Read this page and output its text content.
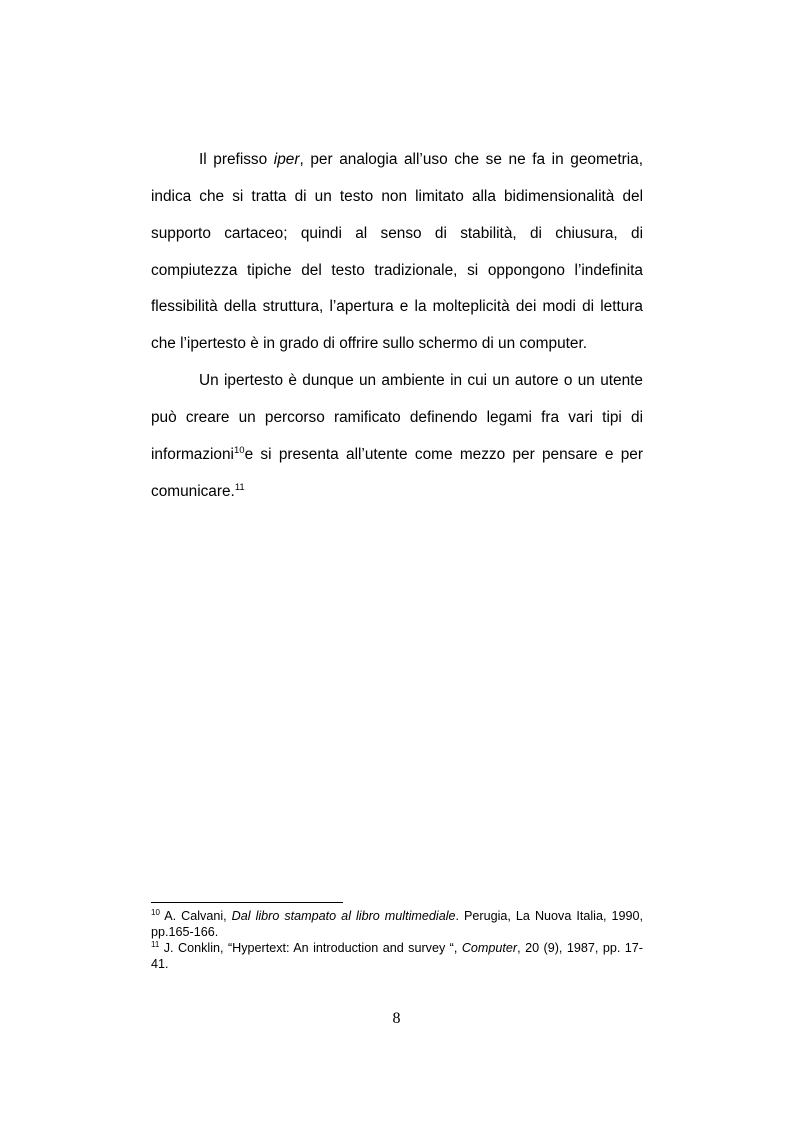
Il prefisso iper, per analogia all’uso che se ne fa in geometria, indica che si tratta di un testo non limitato alla bidimensionalità del supporto cartaceo; quindi al senso di stabilità, di chiusura, di compiutezza tipiche del testo tradizionale, si oppongono l’indefinita flessibilità della struttura, l’apertura e la molteplicità dei modi di lettura che l’ipertesto è in grado di offrire sullo schermo di un computer.

Un ipertesto è dunque un ambiente in cui un autore o un utente può creare un percorso ramificato definendo legami fra vari tipi di informazioni$^{10}$e si presenta all’utente come mezzo per pensare e per comunicare.$^{11}$

$^{10}$ A. Calvani, Dal libro stampato al libro multimediale. Perugia, La Nuova Italia, 1990, pp.165-166.

$^{11}$ J. Conklin, “Hypertext: An introduction and survey “, Computer, 20 (9), 1987, pp. 17-41.

8
